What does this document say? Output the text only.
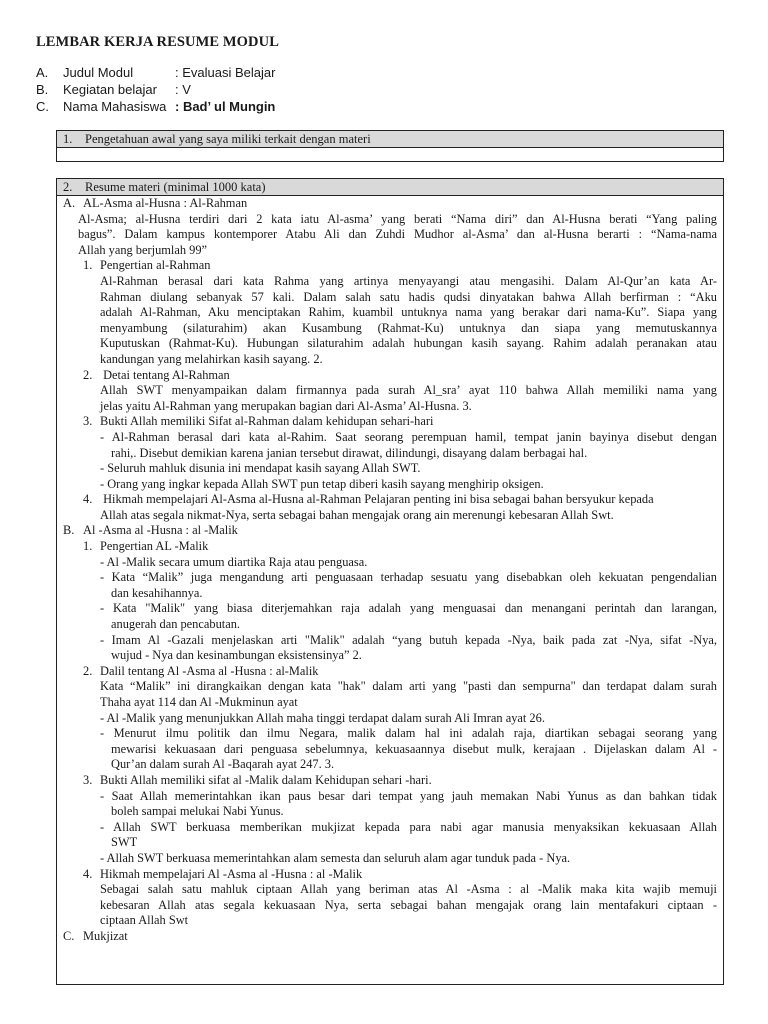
LEMBAR KERJA RESUME MODUL
A.	Judul Modul	: Evaluasi Belajar
B.	Kegiatan belajar	: V
C.	Nama Mahasiswa : Bad’ ul Mungin
1. Pengetahuan awal yang saya miliki terkait dengan materi
2. Resume materi (minimal 1000 kata)
A. AL-Asma al-Husna : Al-Rahman
Al-Asma; al-Husna terdiri dari 2 kata iatu Al-asma’ yang berati “Nama diri” dan Al-Husna berati “Yang paling
bagus”. Dalam kampus kontemporer Atabu Ali dan Zuhdi Mudhor al-Asma’ dan al-Husna berarti : “Nama-nama
Allah yang berjumlah 99”
1. Pengertian al-Rahman
Al-Rahman berasal dari kata Rahma yang artinya menyayangi atau mengasihi. Dalam Al-Qur’an kata Ar-
Rahman diulang sebanyak 57 kali. Dalam salah satu hadis qudsi dinyatakan bahwa Allah berfirman : “Aku
adalah Al-Rahman, Aku menciptakan Rahim, kuambil untuknya nama yang berakar dari nama-Ku”. Siapa yang
menyambung (silaturahim) akan Kusambung (Rahmat-Ku) untuknya dan siapa yang memutuskannya
Kuputuskan (Rahmat-Ku). Hubungan silaturahim adalah hubungan kasih sayang. Rahim adalah peranakan atau
kandungan yang melahirkan kasih sayang. 2.
2. Detai tentang Al-Rahman
Allah SWT menyampaikan dalam firmannya pada surah Al_sra’ ayat 110 bahwa Allah memiliki nama yang
jelas yaitu Al-Rahman yang merupakan bagian dari Al-Asma’ Al-Husna. 3.
3. Bukti Allah memiliki Sifat al-Rahman dalam kehidupan sehari-hari
- Al-Rahman berasal dari kata al-Rahim. Saat seorang perempuan hamil, tempat janin bayinya disebut dengan
rahi,. Disebut demikian karena janian tersebut dirawat, dilindungi, disayang dalam berbagai hal.
- Seluruh mahluk disunia ini mendapat kasih sayang Allah SWT.
- Orang yang ingkar kepada Allah SWT pun tetap diberi kasih sayang menghirip oksigen.
4. Hikmah mempelajari Al-Asma al-Husna al-Rahman Pelajaran penting ini bisa sebagai bahan bersyukur kepada
Allah atas segala nikmat-Nya, serta sebagai bahan mengajak orang ain merenungi kebesaran Allah Swt.
B. Al -Asma al -Husna : al -Malik
1. Pengertian AL -Malik
- Al -Malik secara umum diartika Raja atau penguasa.
- Kata “Malik” juga mengandung arti penguasaan terhadap sesuatu yang disebabkan oleh kekuatan pengendalian
dan kesahihannya.
- Kata "Malik" yang biasa diterjemahkan raja adalah yang menguasai dan menangani perintah dan larangan,
anugerah dan pencabutan.
- Imam Al -Gazali menjelaskan arti "Malik" adalah “yang butuh kepada -Nya, baik pada zat -Nya, sifat -Nya,
wujud - Nya dan kesinambungan eksistensinya” 2.
2. Dalil tentang Al -Asma al -Husna : al-Malik
Kata “Malik” ini dirangkaikan dengan kata "hak" dalam arti yang "pasti dan sempurna" dan terdapat dalam surah
Thaha ayat 114 dan Al -Mukminun ayat
- Al -Malik yang menunjukkan Allah maha tinggi terdapat dalam surah Ali Imran ayat 26.
- Menurut ilmu politik dan ilmu Negara, malik dalam hal ini adalah raja, diartikan sebagai seorang yang
mewarisi kekuasaan dari penguasa sebelumnya, kekuasaannya disebut mulk, kerajaan . Dijelaskan dalam Al -
Qur’an dalam surah Al -Baqarah ayat 247. 3.
3. Bukti Allah memiliki sifat al -Malik dalam Kehidupan sehari -hari.
- Saat Allah memerintahkan ikan paus besar dari tempat yang jauh memakan Nabi Yunus as dan bahkan tidak
boleh sampai melukai Nabi Yunus.
- Allah SWT berkuasa memberikan mukjizat kepada para nabi agar manusia menyaksikan kekuasaan Allah
SWT
- Allah SWT berkuasa memerintahkan alam semesta dan seluruh alam agar tunduk pada - Nya.
4. Hikmah mempelajari Al -Asma al -Husna : al -Malik
Sebagai salah satu mahluk ciptaan Allah yang beriman atas Al -Asma : al -Malik maka kita wajib memuji
kebesaran Allah atas segala kekuasaan Nya, serta sebagai bahan mengajak orang lain mentafakuri ciptaan -
ciptaan Allah Swt
C. Mukjizat
